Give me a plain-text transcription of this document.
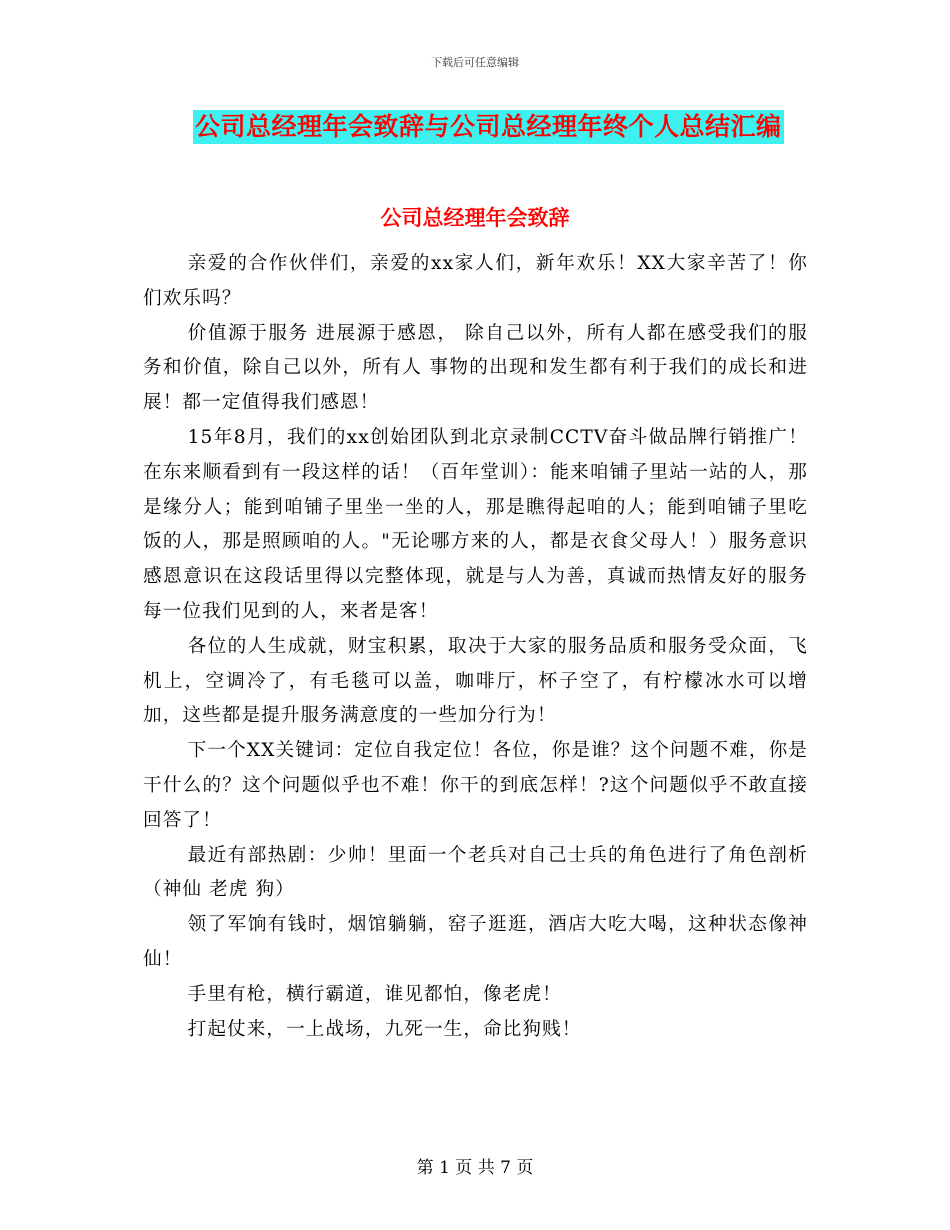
下载后可任意编辑
公司总经理年会致辞与公司总经理年终个人总结汇编
公司总经理年会致辞

亲爱的合作伙伴们，亲爱的xx家人们，新年欢乐！XX大家辛苦了！你们欢乐吗？

价值源于服务 进展源于感恩， 除自己以外，所有人都在感受我们的服务和价值，除自己以外，所有人 事物的出现和发生都有利于我们的成长和进展！都一定值得我们感恩！

15年8月，我们的xx创始团队到北京录制CCTV奋斗做品牌行销推广！在东来顺看到有一段这样的话！（百年堂训）：能来咱铺子里站一站的人，那是缘分人；能到咱铺子里坐一坐的人，那是瞧得起咱的人；能到咱铺子里吃饭的人，那是照顾咱的人。"无论哪方来的人，都是衣食父母人！）服务意识感恩意识在这段话里得以完整体现，就是与人为善，真诚而热情友好的服务每一位我们见到的人，来者是客！

各位的人生成就，财宝积累，取决于大家的服务品质和服务受众面，飞机上，空调冷了，有毛毯可以盖，咖啡厅，杯子空了，有柠檬冰水可以增加，这些都是提升服务满意度的一些加分行为！

下一个XX关键词：定位自我定位！各位，你是谁？这个问题不难，你是干什么的？这个问题似乎也不难！你干的到底怎样！?这个问题似乎不敢直接回答了！

最近有部热剧：少帅！里面一个老兵对自己士兵的角色进行了角色剖析（神仙 老虎 狗）

领了军饷有钱时，烟馆躺躺，窑子逛逛，酒店大吃大喝，这种状态像神仙！

手里有枪，横行霸道，谁见都怕，像老虎！

打起仗来，一上战场，九死一生，命比狗贱！

第 1 页 共 7 页
